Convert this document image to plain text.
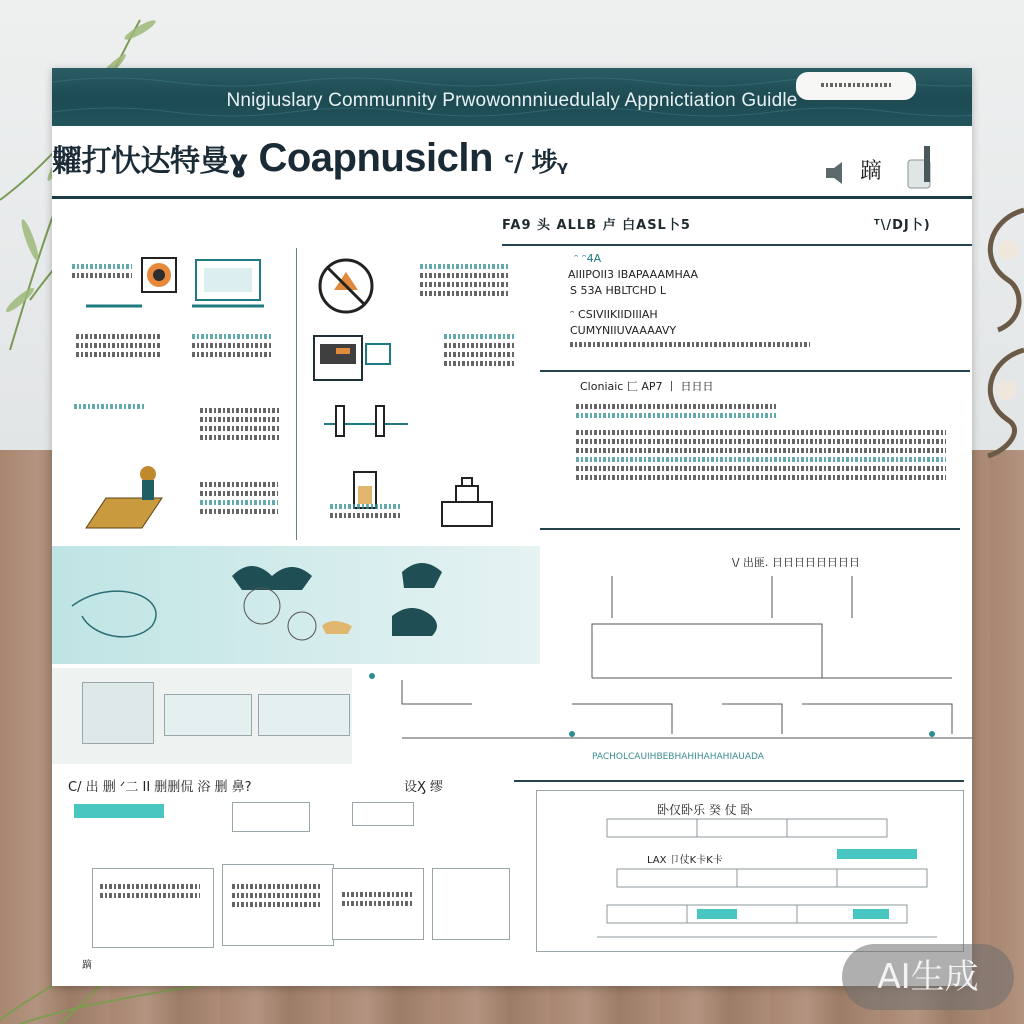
Nnigiuslary Communnity Prwowonnniuedulaly Appnictiation Guidle
糶打忕达特曼ɣ Coapnusicln ᶜ/ 埗ᵧ	蹢
FA9 头 ALLB 卢 白ASL卜5	ᵀ\/DJ卜)
ᵔ ᵔ4A
AIIIPOII3 IBAPAAAMHAA
Ѕ 53A HBLTCHD L
ᵔ CSIVIIKIIDIIIAH
CUMYNIIUVAAAAVY
Cloniaic 匚 AP7 丨 日日日
\/ 出匪. 日日日日日日日日
PACHOLCAUIHBEBHAHIHAHAHIAUADA
C/ 出 删 ᐟ二 II 删删侃 浴 删 鼻?	设Ӽ 缪
蹢
卧仅卧乐 癸 仗 卧
LAX 卩仗K卡K卡
AI生成
